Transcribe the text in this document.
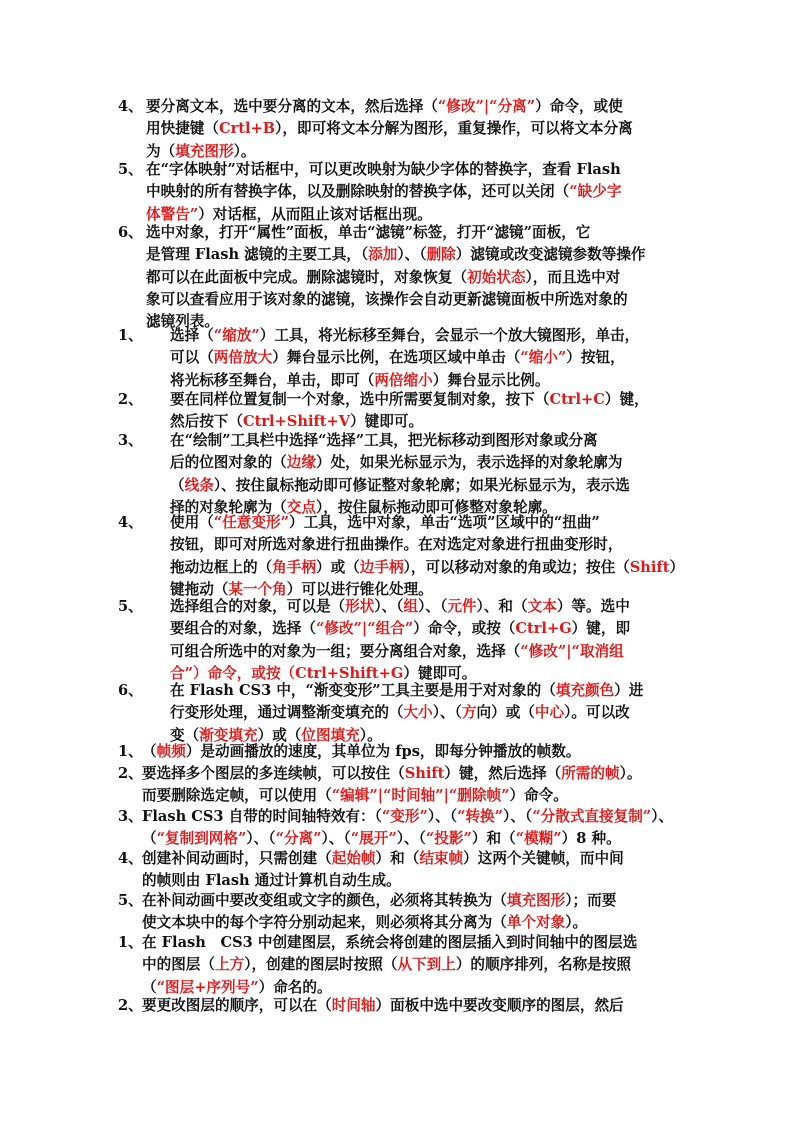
4、 要分离文本，选中要分离的文本，然后选择（“修改”|“分离”）命令，或使
用快捷键（Crtl+B），即可将文本分解为图形，重复操作，可以将文本分离
为（填充图形）。
5、 在“字体映射”对话框中，可以更改映射为缺少字体的替换字，查看 Flash
中映射的所有替换字体，以及删除映射的替换字体，还可以关闭（“缺少字
体警告”）对话框，从而阻止该对话框出现。
6、 选中对象，打开“属性”面板，单击“滤镜”标签，打开“滤镜”面板，它
是管理 Flash 滤镜的主要工具，（添加）、（删除）滤镜或改变滤镜参数等操作
都可以在此面板中完成。删除滤镜时，对象恢复（初始状态），而且选中对
象可以查看应用于该对象的滤镜，该操作会自动更新滤镜面板中所选对象的
滤镜列表。
1、	选择（“缩放”）工具，将光标移至舞台，会显示一个放大镜图形，单击，
可以（两倍放大）舞台显示比例，在选项区域中单击（“缩小”）按钮，
将光标移至舞台，单击，即可（两倍缩小）舞台显示比例。
2、	要在同样位置复制一个对象，选中所需要复制对象，按下（Ctrl+C）键，
然后按下（Ctrl+Shift+V）键即可。
3、	在“绘制”工具栏中选择“选择”工具，把光标移动到图形对象或分离
后的位图对象的（边缘）处，如果光标显示为，表示选择的对象轮廓为
（线条）、按住鼠标拖动即可修证整对象轮廓；如果光标显示为，表示选
择的对象轮廓为（交点），按住鼠标拖动即可修整对象轮廓。
4、	使用（“任意变形”）工具，选中对象，单击“选项”区域中的“扭曲”
按钮，即可对所选对象进行扭曲操作。在对选定对象进行扭曲变形时，
拖动边框上的（角手柄）或（边手柄），可以移动对象的角或边；按住（Shift）
键拖动（某一个角）可以进行锥化处理。
5、	选择组合的对象，可以是（形状）、（组）、（元件）、和（文本）等。选中
要组合的对象，选择（“修改”|“组合”）命令，或按（Ctrl+G）键，即
可组合所选中的对象为一组；要分离组合对象，选择（“修改”|“取消组
合”）命令，或按（Ctrl+Shift+G）键即可。
6、	在 Flash CS3 中，“渐变变形”工具主要是用于对对象的（填充颜色）进
行变形处理，通过调整渐变填充的（大小）、（方向）或（中心）。可以改
变（渐变填充）或（位图填充）。
1、 （帧频）是动画播放的速度，其单位为 fps，即每分钟播放的帧数。
2、 要选择多个图层的多连续帧，可以按住（Shift）键，然后选择（所需的帧）。
而要删除选定帧，可以使用（“编辑”|“时间轴”|“删除帧”）命令。
3、 Flash CS3 自带的时间轴特效有：（“变形”）、（“转换”）、（“分散式直接复制”）、
（“复制到网格”）、（“分离”）、（“展开”）、（“投影”）和（“模糊”）8 种。
4、 创建补间动画时，只需创建（起始帧）和（结束帧）这两个关键帧，而中间
的帧则由 Flash 通过计算机自动生成。
5、 在补间动画中要改变组或文字的颜色，必须将其转换为（填充图形）；而要
使文本块中的每个字符分别动起来，则必须将其分离为（单个对象）。
1、 在 Flash　CS3 中创建图层，系统会将创建的图层插入到时间轴中的图层选
中的图层（上方），创建的图层时按照（从下到上）的顺序排列，名称是按照
（“图层+序列号”）命名的。
2、 要更改图层的顺序，可以在（时间轴）面板中选中要改变顺序的图层，然后
